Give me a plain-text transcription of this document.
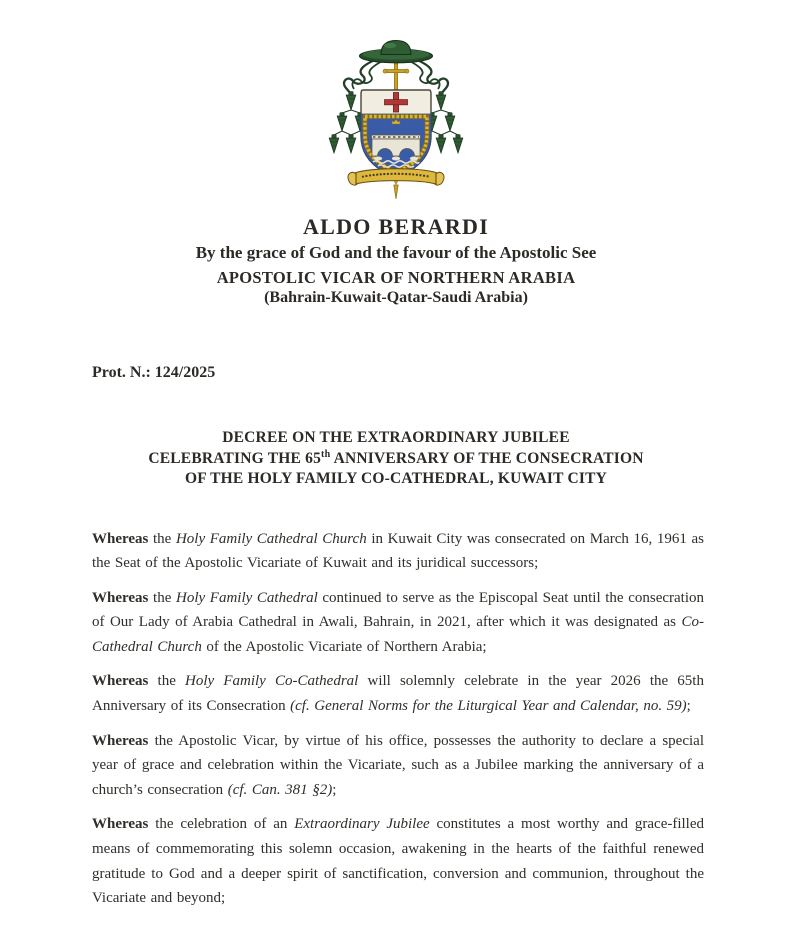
ALDO BERARDI
By the grace of God and the favour of the Apostolic See
APOSTOLIC VICAR OF NORTHERN ARABIA
(Bahrain-Kuwait-Qatar-Saudi Arabia)
Prot. N.: 124/2025
DECREE ON THE EXTRAORDINARY JUBILEE
CELEBRATING THE 65th ANNIVERSARY OF THE CONSECRATION
OF THE HOLY FAMILY CO-CATHEDRAL, KUWAIT CITY

Whereas the Holy Family Cathedral Church in Kuwait City was consecrated on March 16, 1961 as the Seat of the Apostolic Vicariate of Kuwait and its juridical successors;

Whereas the Holy Family Cathedral continued to serve as the Episcopal Seat until the consecration of Our Lady of Arabia Cathedral in Awali, Bahrain, in 2021, after which it was designated as Co-Cathedral Church of the Apostolic Vicariate of Northern Arabia;

Whereas the Holy Family Co-Cathedral will solemnly celebrate in the year 2026 the 65th Anniversary of its Consecration (cf. General Norms for the Liturgical Year and Calendar, no. 59);

Whereas the Apostolic Vicar, by virtue of his office, possesses the authority to declare a special year of grace and celebration within the Vicariate, such as a Jubilee marking the anniversary of a church’s consecration (cf. Can. 381 §2);

Whereas the celebration of an Extraordinary Jubilee constitutes a most worthy and grace-filled means of commemorating this solemn occasion, awakening in the hearts of the faithful renewed gratitude to God and a deeper spirit of sanctification, conversion and communion, throughout the Vicariate and beyond;
